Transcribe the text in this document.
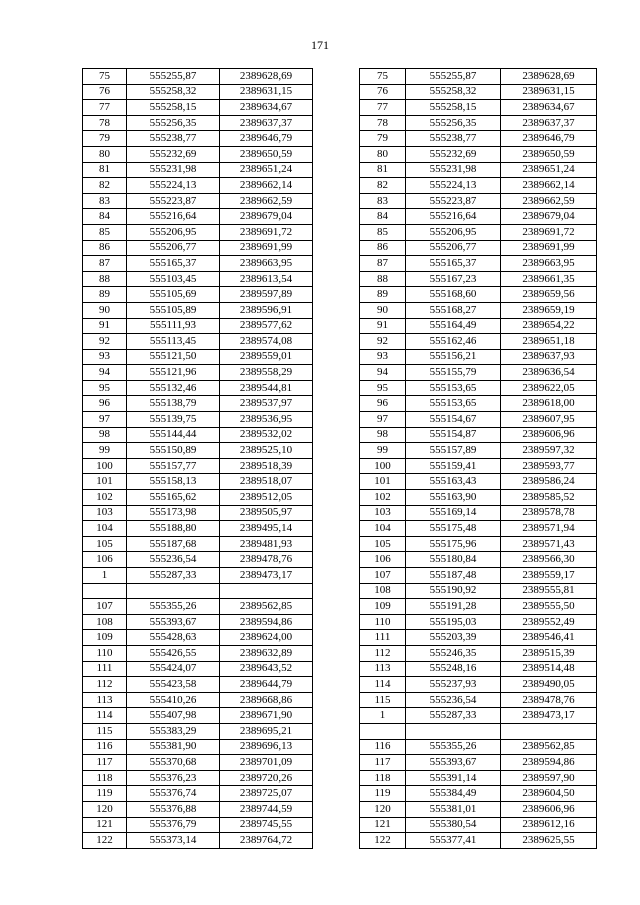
171
75	555255,87	2389628,69
76	555258,32	2389631,15
77	555258,15	2389634,67
78	555256,35	2389637,37
79	555238,77	2389646,79
80	555232,69	2389650,59
81	555231,98	2389651,24
82	555224,13	2389662,14
83	555223,87	2389662,59
84	555216,64	2389679,04
85	555206,95	2389691,72
86	555206,77	2389691,99
87	555165,37	2389663,95
88	555103,45	2389613,54
89	555105,69	2389597,89
90	555105,89	2389596,91
91	555111,93	2389577,62
92	555113,45	2389574,08
93	555121,50	2389559,01
94	555121,96	2389558,29
95	555132,46	2389544,81
96	555138,79	2389537,97
97	555139,75	2389536,95
98	555144,44	2389532,02
99	555150,89	2389525,10
100	555157,77	2389518,39
101	555158,13	2389518,07
102	555165,62	2389512,05
103	555173,98	2389505,97
104	555188,80	2389495,14
105	555187,68	2389481,93
106	555236,54	2389478,76
1	555287,33	2389473,17

107	555355,26	2389562,85
108	555393,67	2389594,86
109	555428,63	2389624,00
110	555426,55	2389632,89
111	555424,07	2389643,52
112	555423,58	2389644,79
113	555410,26	2389668,86
114	555407,98	2389671,90
115	555383,29	2389695,21
116	555381,90	2389696,13
117	555370,68	2389701,09
118	555376,23	2389720,26
119	555376,74	2389725,07
120	555376,88	2389744,59
121	555376,79	2389745,55
122	555373,14	2389764,72
75	555255,87	2389628,69
76	555258,32	2389631,15
77	555258,15	2389634,67
78	555256,35	2389637,37
79	555238,77	2389646,79
80	555232,69	2389650,59
81	555231,98	2389651,24
82	555224,13	2389662,14
83	555223,87	2389662,59
84	555216,64	2389679,04
85	555206,95	2389691,72
86	555206,77	2389691,99
87	555165,37	2389663,95
88	555167,23	2389661,35
89	555168,60	2389659,56
90	555168,27	2389659,19
91	555164,49	2389654,22
92	555162,46	2389651,18
93	555156,21	2389637,93
94	555155,79	2389636,54
95	555153,65	2389622,05
96	555153,65	2389618,00
97	555154,67	2389607,95
98	555154,87	2389606,96
99	555157,89	2389597,32
100	555159,41	2389593,77
101	555163,43	2389586,24
102	555163,90	2389585,52
103	555169,14	2389578,78
104	555175,48	2389571,94
105	555175,96	2389571,43
106	555180,84	2389566,30
107	555187,48	2389559,17
108	555190,92	2389555,81
109	555191,28	2389555,50
110	555195,03	2389552,49
111	555203,39	2389546,41
112	555246,35	2389515,39
113	555248,16	2389514,48
114	555237,93	2389490,05
115	555236,54	2389478,76
1	555287,33	2389473,17

116	555355,26	2389562,85
117	555393,67	2389594,86
118	555391,14	2389597,90
119	555384,49	2389604,50
120	555381,01	2389606,96
121	555380,54	2389612,16
122	555377,41	2389625,55
